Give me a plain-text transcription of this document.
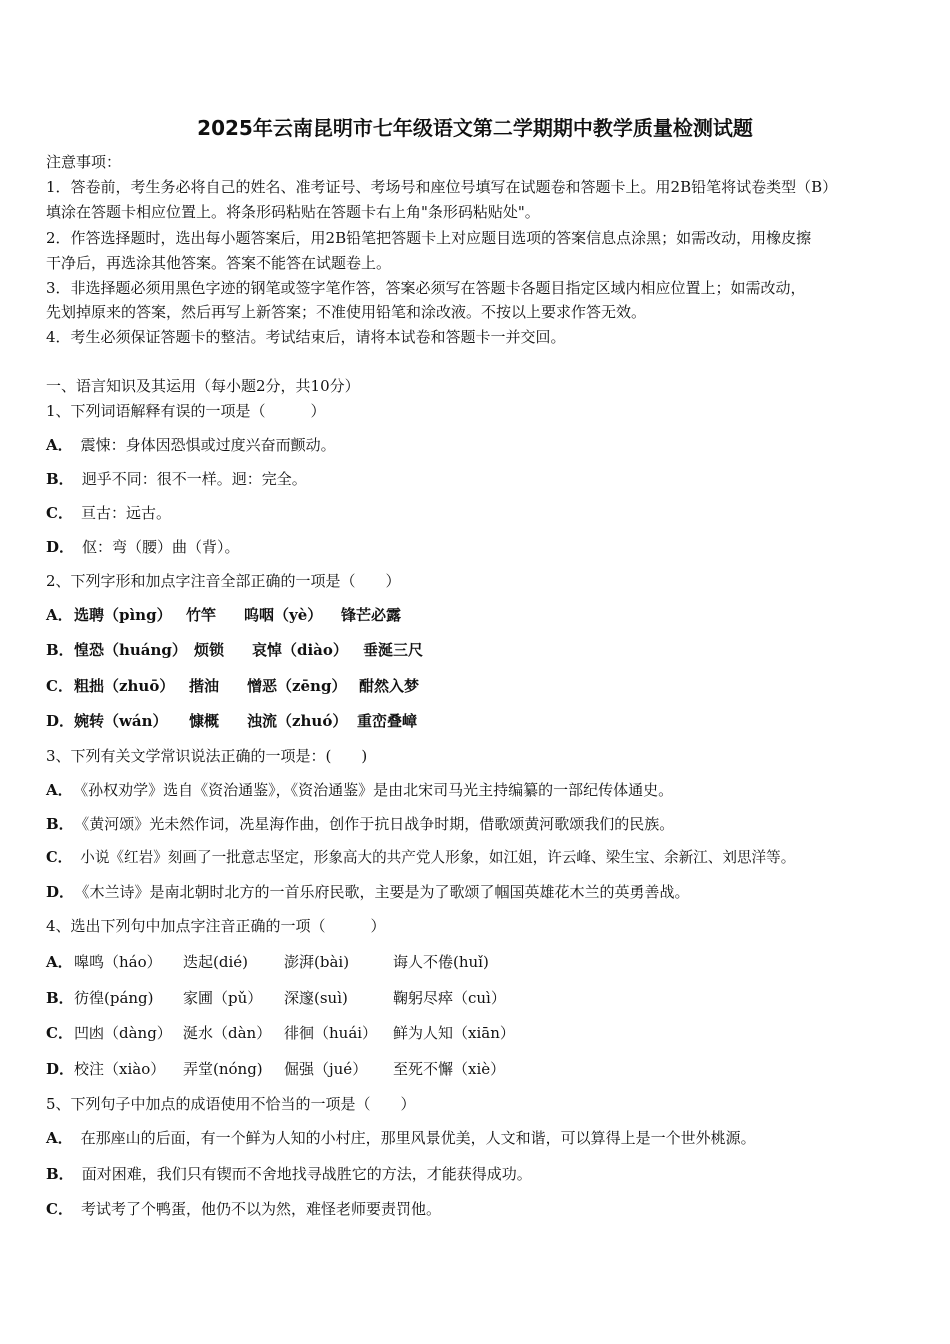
2025年云南昆明市七年级语文第二学期期中教学质量检测试题
注意事项：
1．答卷前，考生务必将自己的姓名、准考证号、考场号和座位号填写在试题卷和答题卡上。用2B铅笔将试卷类型（B）
填涂在答题卡相应位置上。将条形码粘贴在答题卡右上角"条形码粘贴处"。
2．作答选择题时，选出每小题答案后，用2B铅笔把答题卡上对应题目选项的答案信息点涂黑；如需改动，用橡皮擦
干净后，再选涂其他答案。答案不能答在试题卷上。
3．非选择题必须用黑色字迹的钢笔或签字笔作答，答案必须写在答题卡各题目指定区域内相应位置上；如需改动，
先划掉原来的答案，然后再写上新答案；不准使用铅笔和涂改液。不按以上要求作答无效。
4．考生必须保证答题卡的整洁。考试结束后，请将本试卷和答题卡一并交回。
一、语言知识及其运用（每小题2分，共10分）
1、下列词语解释有误的一项是（　　　）
A． 震悚：身体因恐惧或过度兴奋而颤动。
B． 迥乎不同：很不一样。迥：完全。
C． 亘古：远古。
D． 伛：弯（腰）曲（背）。
2、下列字形和加点字注音全部正确的一项是（　　）
A． 选聘（pìng） 竹竿 呜咽（yè） 锋芒必露
B． 惶恐（huáng） 烦锁 哀悼（diào） 垂涎三尺
C． 粗拙（zhuō） 揩油 憎恶（zēng） 酣然入梦
D． 婉转（wán） 慷概 浊流（zhuó） 重峦叠嶂
3、下列有关文学常识说法正确的一项是：(　　)
A． 《孙权劝学》选自《资治通鉴》，《资治通鉴》是由北宋司马光主持编纂的一部纪传体通史。
B． 《黄河颂》光未然作词，冼星海作曲，创作于抗日战争时期，借歌颂黄河歌颂我们的民族。
C． 小说《红岩》刻画了一批意志坚定，形象高大的共产党人形象，如江姐，许云峰、梁生宝、余新江、刘思洋等。
D． 《木兰诗》是南北朝时北方的一首乐府民歌，主要是为了歌颂了帼国英雄花木兰的英勇善战。
4、选出下列句中加点字注音正确的一项（　　　）
A． 嗥鸣（háo） 迭起(dié) 澎湃(bài)	诲人不倦(huǐ)
B． 彷徨(páng) 家圃（pǔ） 深邃(suì)	鞠躬尽瘁（cuì）
C． 凹凼（dàng） 涎水（dàn） 徘徊（huái） 鲜为人知（xiān）
D． 校注（xiào） 弄堂(nóng) 倔强（jué） 至死不懈（xiè）
5、下列句子中加点的成语使用不恰当的一项是（　　）
A． 在那座山的后面，有一个鲜为人知的小村庄，那里风景优美，人文和谐，可以算得上是一个世外桃源。
B． 面对困难，我们只有锲而不舍地找寻战胜它的方法，才能获得成功。
C． 考试考了个鸭蛋，他仍不以为然，难怪老师要责罚他。
